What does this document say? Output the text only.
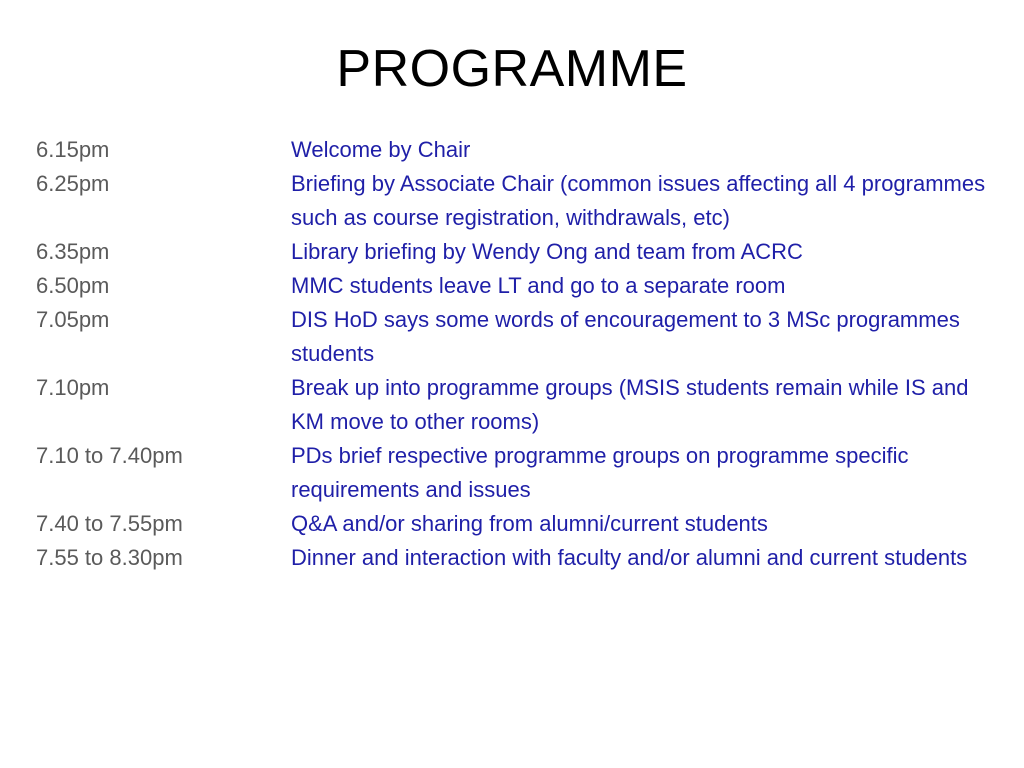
PROGRAMME
6.15pm	Welcome by Chair
6.25pm	Briefing by Associate Chair (common issues affecting all 4 programmes such as course registration, withdrawals, etc)
6.35pm	Library briefing by Wendy Ong and team from ACRC
6.50pm	MMC students leave LT and go to a separate room
7.05pm	DIS HoD says some words of encouragement to 3 MSc programmes students
7.10pm	Break up into programme groups (MSIS students remain while IS and KM move to other rooms)
7.10 to 7.40pm	PDs brief respective programme groups on programme specific requirements and issues
7.40 to 7.55pm	Q&A and/or sharing from alumni/current students
7.55 to 8.30pm	Dinner and interaction with faculty and/or alumni and current students
